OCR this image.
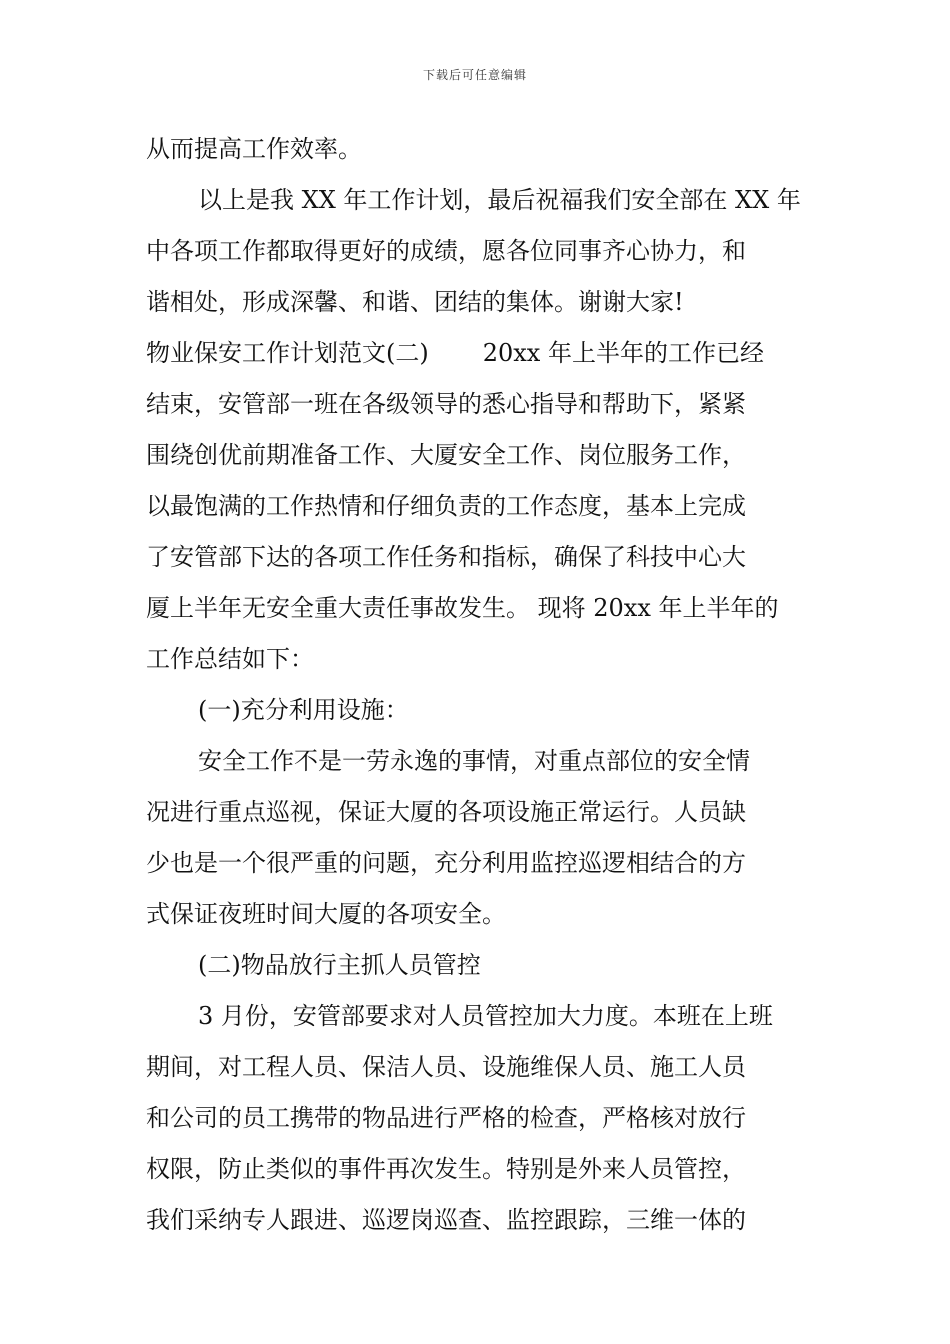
下载后可任意编辑
从而提高工作效率。
以上是我 XX 年工作计划，最后祝福我们安全部在 XX 年
中各项工作都取得更好的成绩，愿各位同事齐心协力，和
谐相处，形成深馨、和谐、团结的集体。谢谢大家!
物业保安工作计划范文(二) 20xx 年上半年的工作已经
结束，安管部一班在各级领导的悉心指导和帮助下，紧紧
围绕创优前期准备工作、大厦安全工作、岗位服务工作，
以最饱满的工作热情和仔细负责的工作态度，基本上完成
了安管部下达的各项工作任务和指标，确保了科技中心大
厦上半年无安全重大责任事故发生。 现将 20xx 年上半年的
工作总结如下：
(一)充分利用设施：
安全工作不是一劳永逸的事情，对重点部位的安全情
况进行重点巡视，保证大厦的各项设施正常运行。人员缺
少也是一个很严重的问题，充分利用监控巡逻相结合的方
式保证夜班时间大厦的各项安全。
(二)物品放行主抓人员管控
3 月份，安管部要求对人员管控加大力度。本班在上班
期间，对工程人员、保洁人员、设施维保人员、施工人员
和公司的员工携带的物品进行严格的检查，严格核对放行
权限，防止类似的事件再次发生。特别是外来人员管控，
我们采纳专人跟进、巡逻岗巡查、监控跟踪，三维一体的
